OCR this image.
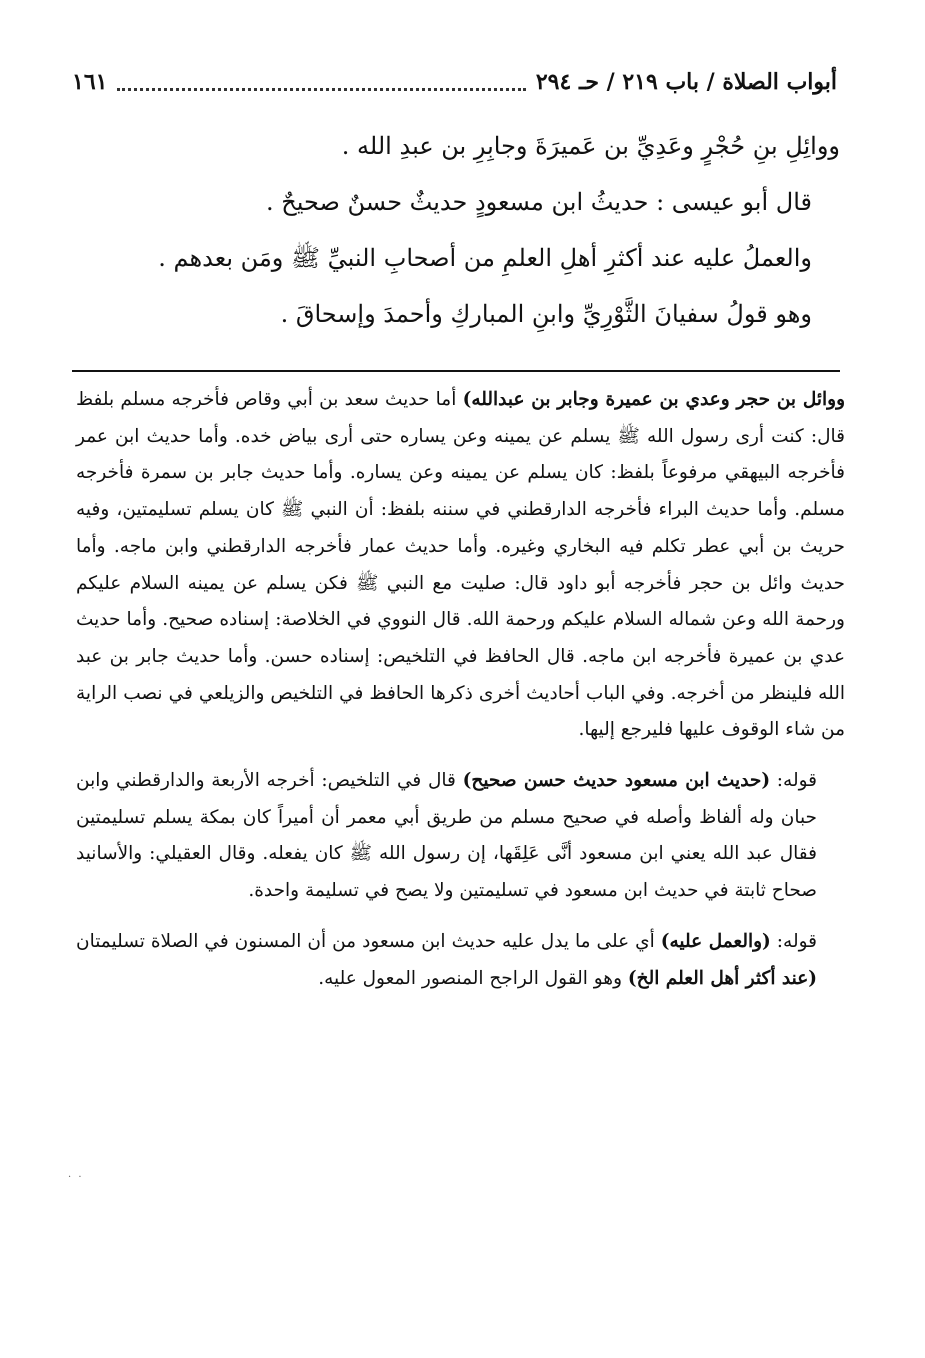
أبواب الصلاة / باب ٢١٩ / حـ ٢٩٤
١٦١
ووائِلِ بنِ حُجْرٍ وعَدِيِّ بن عَميرَةَ وجابِرِ بن عبدِ الله .
قال أبو عيسى : حديثُ ابن مسعودٍ حديثٌ حسنٌ صحيحٌ .
والعملُ عليه عند أكثرِ أهلِ العلمِ من أصحابِ النبيِّ ﷺ ومَن بعدهم .
وهو قولُ سفيانَ الثَّوْرِيِّ وابنِ المباركِ وأحمدَ وإسحاقَ .

ووائل بن حجر وعدي بن عميرة وجابر بن عبدالله) أما حديث سعد بن أبي وقاص فأخرجه مسلم بلفظ قال: كنت أرى رسول الله ﷺ يسلم عن يمينه وعن يساره حتى أرى بياض خده. وأما حديث ابن عمر فأخرجه البيهقي مرفوعاً بلفظ: كان يسلم عن يمينه وعن يساره. وأما حديث جابر بن سمرة فأخرجه مسلم. وأما حديث البراء فأخرجه الدارقطني في سننه بلفظ: أن النبي ﷺ كان يسلم تسليمتين، وفيه حريث بن أبي عطر تكلم فيه البخاري وغيره. وأما حديث عمار فأخرجه الدارقطني وابن ماجه. وأما حديث وائل بن حجر فأخرجه أبو داود قال: صليت مع النبي ﷺ فكن يسلم عن يمينه السلام عليكم ورحمة الله وعن شماله السلام عليكم ورحمة الله. قال النووي في الخلاصة: إسناده صحيح. وأما حديث عدي بن عميرة فأخرجه ابن ماجه. قال الحافظ في التلخيص: إسناده حسن. وأما حديث جابر بن عبد الله فلينظر من أخرجه. وفي الباب أحاديث أخرى ذكرها الحافظ في التلخيص والزيلعي في نصب الراية من شاء الوقوف عليها فليرجع إليها.

قوله: (حديث ابن مسعود حديث حسن صحيح) قال في التلخيص: أخرجه الأربعة والدارقطني وابن حبان وله ألفاظ وأصله في صحيح مسلم من طريق أبي معمر أن أميراً كان بمكة يسلم تسليمتين فقال عبد الله يعني ابن مسعود أنَّى عَلِقَها، إن رسول الله ﷺ كان يفعله. وقال العقيلي: والأسانيد صحاح ثابتة في حديث ابن مسعود في تسليمتين ولا يصح في تسليمة واحدة.

قوله: (والعمل عليه) أي على ما يدل عليه حديث ابن مسعود من أن المسنون في الصلاة تسليمتان (عند أكثر أهل العلم الخ) وهو القول الراجح المنصور المعول عليه.

· ·
